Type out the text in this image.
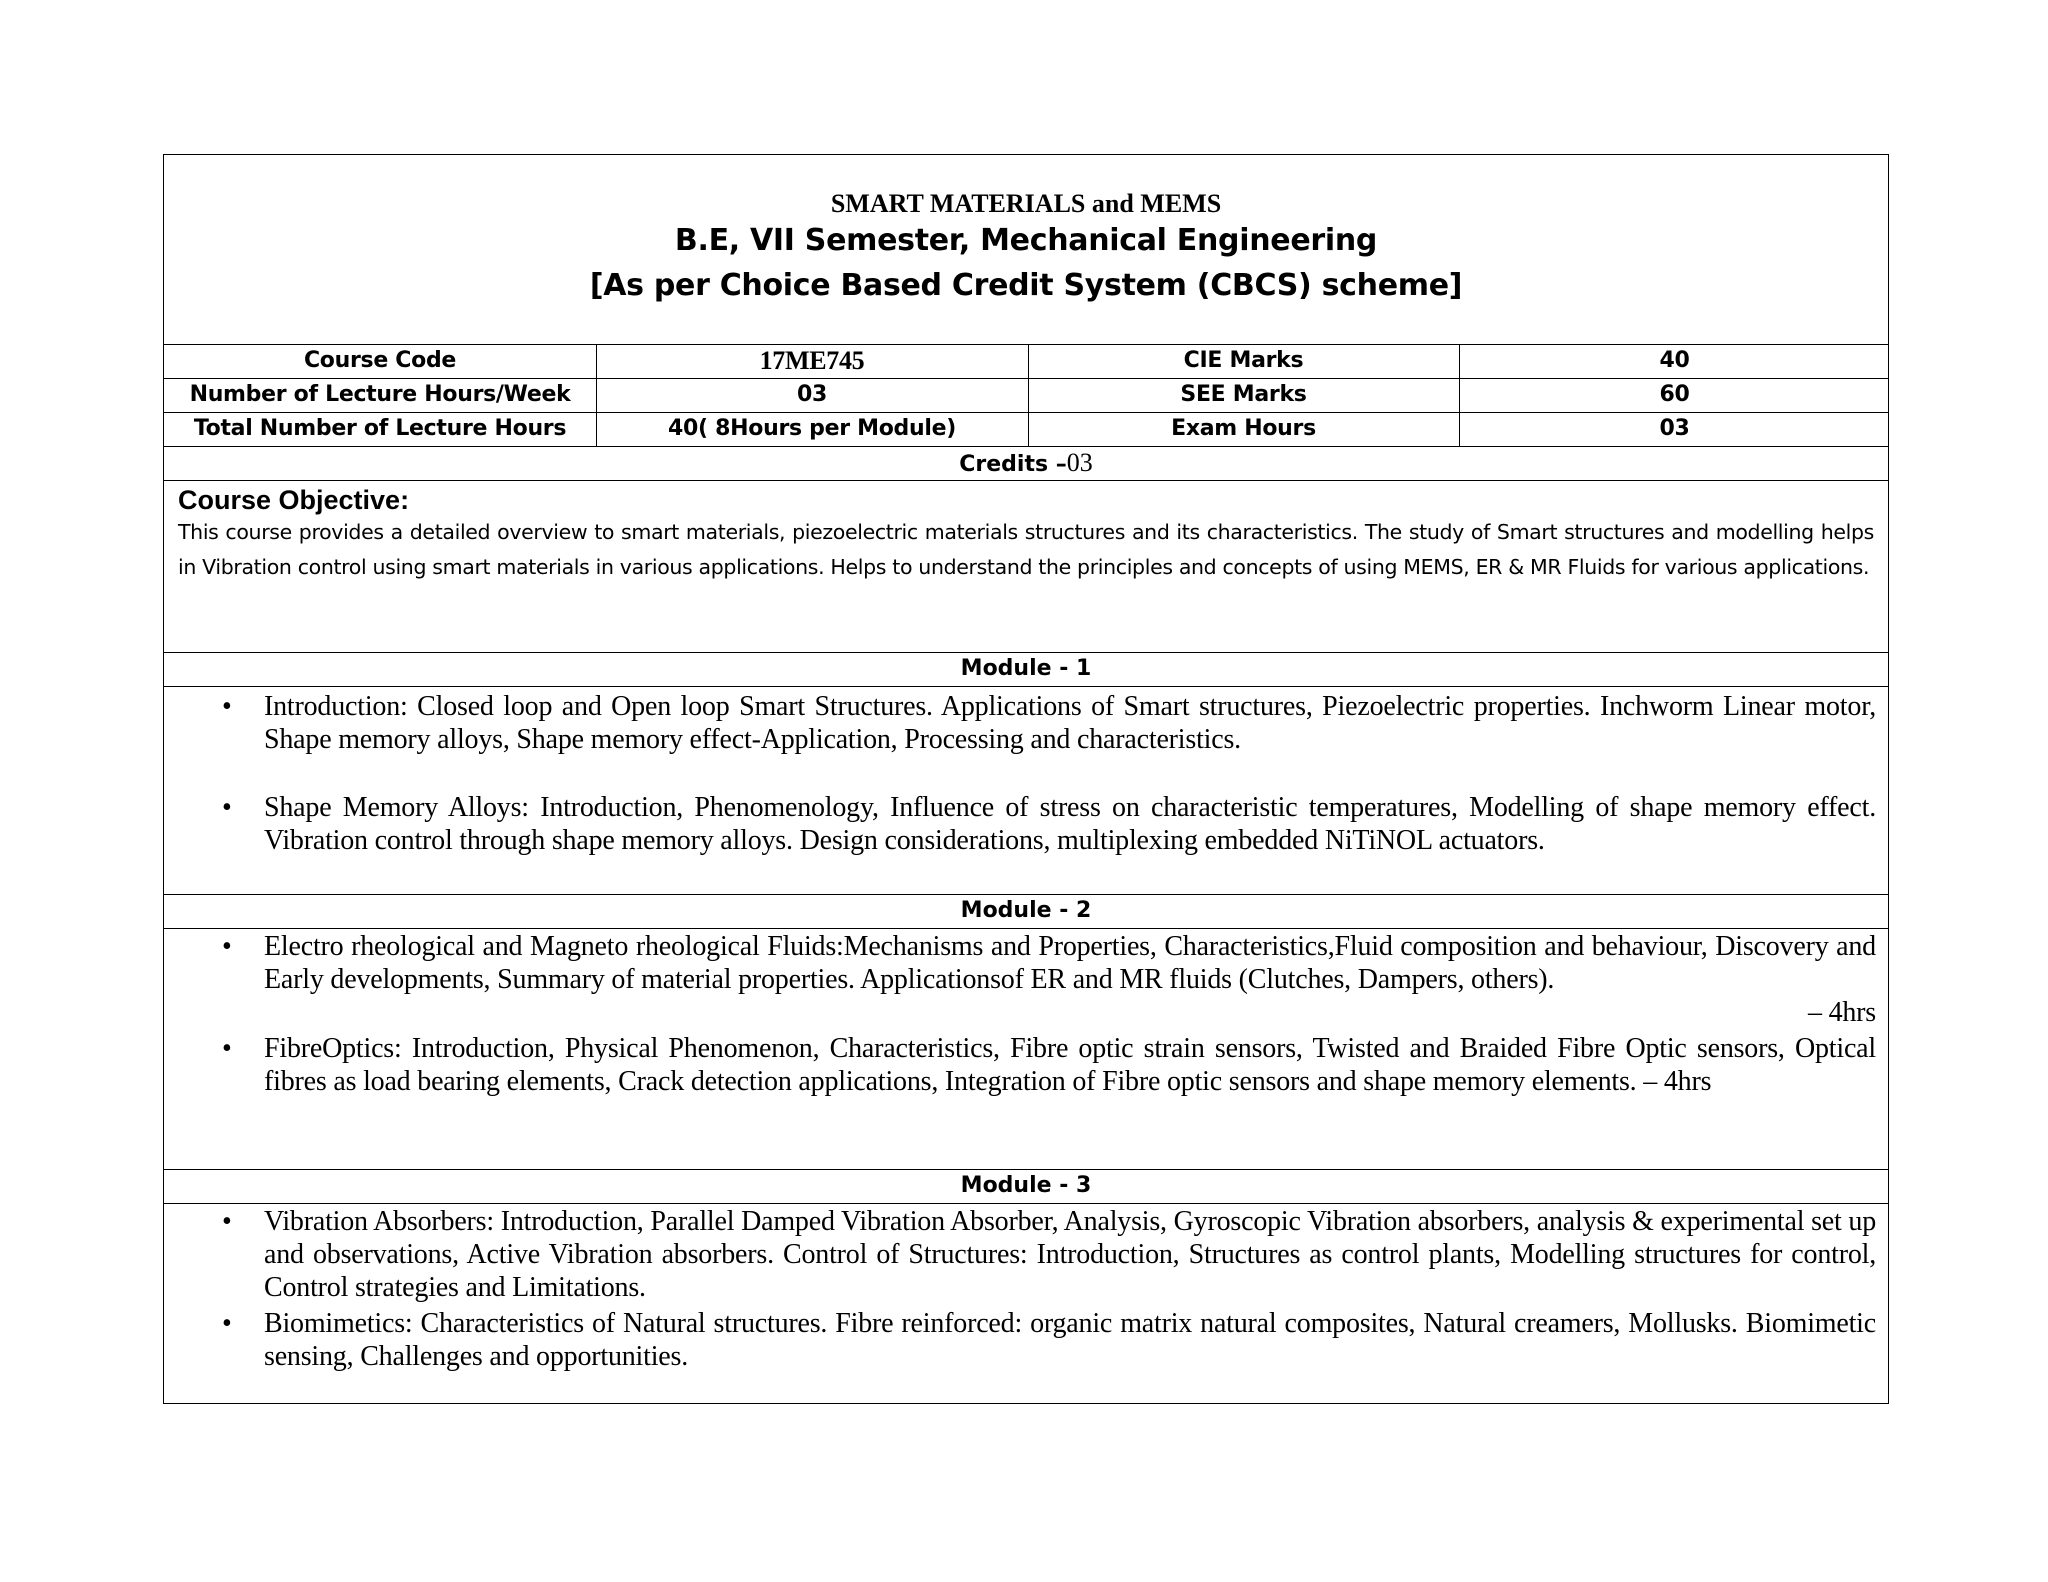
SMART MATERIALS and MEMS
B.E, VII Semester, Mechanical Engineering
[As per Choice Based Credit System (CBCS) scheme]
Course Code	17ME745	CIE Marks	40
Number of Lecture Hours/Week	03	SEE Marks	60
Total Number of Lecture Hours	40( 8Hours per Module)	Exam Hours	03
Credits –03
Course Objective:
This course provides a detailed overview to smart materials, piezoelectric materials structures and its characteristics. The study of Smart structures and modelling helps in Vibration control using smart materials in various applications. Helps to understand the principles and concepts of using MEMS, ER & MR Fluids for various applications.
Module - 1
• Introduction: Closed loop and Open loop Smart Structures. Applications of Smart structures, Piezoelectric properties. Inchworm Linear motor, Shape memory alloys, Shape memory effect-Application, Processing and characteristics.
• Shape Memory Alloys: Introduction, Phenomenology, Influence of stress on characteristic temperatures, Modelling of shape memory effect. Vibration control through shape memory alloys. Design considerations, multiplexing embedded NiTiNOL actuators.
Module - 2
• Electro rheological and Magneto rheological Fluids:Mechanisms and Properties, Characteristics,Fluid composition and behaviour, Discovery and Early developments, Summary of material properties. Applicationsof ER and MR fluids (Clutches, Dampers, others).
– 4hrs
• FibreOptics: Introduction, Physical Phenomenon, Characteristics, Fibre optic strain sensors, Twisted and Braided Fibre Optic sensors, Optical fibres as load bearing elements, Crack detection applications, Integration of Fibre optic sensors and shape memory elements. – 4hrs
Module - 3
• Vibration Absorbers: Introduction, Parallel Damped Vibration Absorber, Analysis, Gyroscopic Vibration absorbers, analysis & experimental set up and observations, Active Vibration absorbers. Control of Structures: Introduction, Structures as control plants, Modelling structures for control, Control strategies and Limitations.
• Biomimetics: Characteristics of Natural structures. Fibre reinforced: organic matrix natural composites, Natural creamers, Mollusks. Biomimetic sensing, Challenges and opportunities.
